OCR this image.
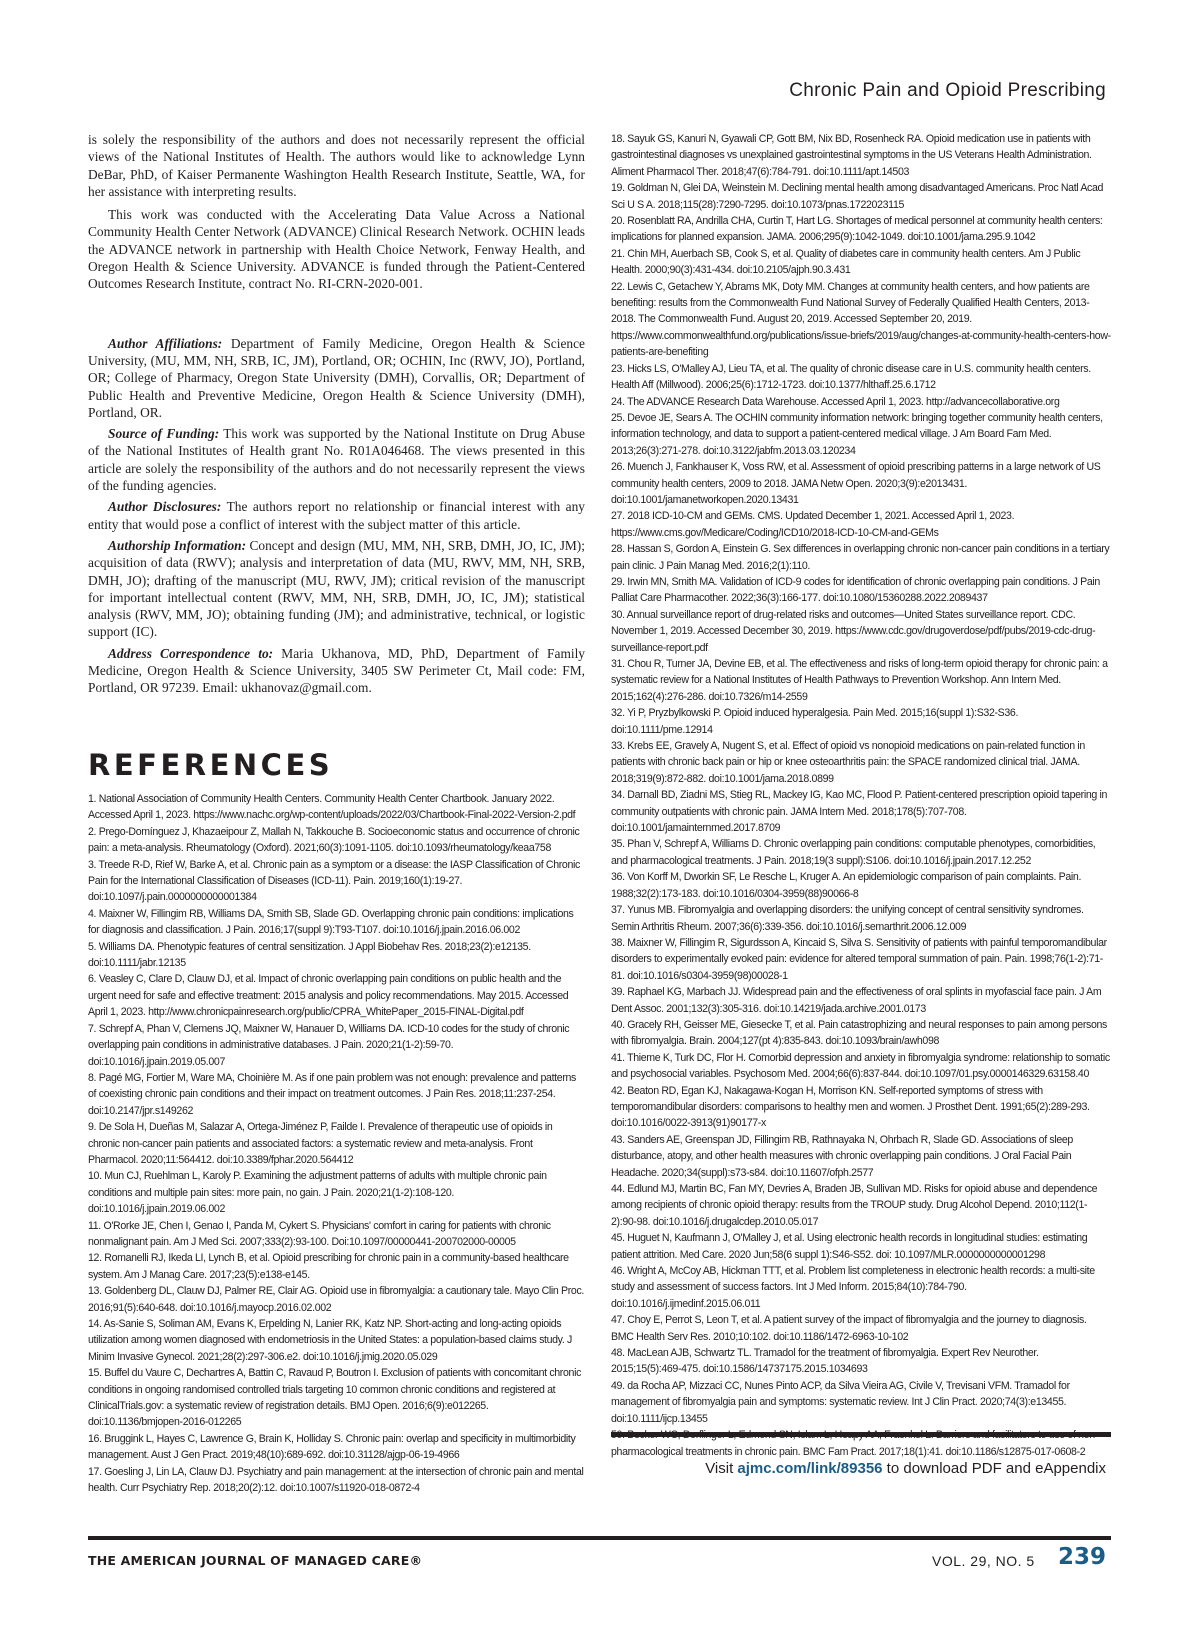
Chronic Pain and Opioid Prescribing

is solely the responsibility of the authors and does not necessarily represent the official views of the National Institutes of Health. The authors would like to acknowledge Lynn DeBar, PhD, of Kaiser Permanente Washington Health Research Institute, Seattle, WA, for her assistance with interpreting results.

This work was conducted with the Accelerating Data Value Across a National Community Health Center Network (ADVANCE) Clinical Research Network. OCHIN leads the ADVANCE network in partnership with Health Choice Network, Fenway Health, and Oregon Health & Science University. ADVANCE is funded through the Patient-Centered Outcomes Research Institute, contract No. RI-CRN-2020-001.

Author Affiliations: Department of Family Medicine, Oregon Health & Science University, (MU, MM, NH, SRB, IC, JM), Portland, OR; OCHIN, Inc (RWV, JO), Portland, OR; College of Pharmacy, Oregon State University (DMH), Corvallis, OR; Department of Public Health and Preventive Medicine, Oregon Health & Science University (DMH), Portland, OR.

Source of Funding: This work was supported by the National Institute on Drug Abuse of the National Institutes of Health grant No. R01A046468. The views presented in this article are solely the responsibility of the authors and do not necessarily represent the views of the funding agencies.

Author Disclosures: The authors report no relationship or financial interest with any entity that would pose a conflict of interest with the subject matter of this article.

Authorship Information: Concept and design (MU, MM, NH, SRB, DMH, JO, IC, JM); acquisition of data (RWV); analysis and interpretation of data (MU, RWV, MM, NH, SRB, DMH, JO); drafting of the manuscript (MU, RWV, JM); critical revision of the manuscript for important intellectual content (RWV, MM, NH, SRB, DMH, JO, IC, JM); statistical analysis (RWV, MM, JO); obtaining funding (JM); and administrative, technical, or logistic support (IC).

Address Correspondence to: Maria Ukhanova, MD, PhD, Department of Family Medicine, Oregon Health & Science University, 3405 SW Perimeter Ct, Mail code: FM, Portland, OR 97239. Email: ukhanovaz@gmail.com.

REFERENCES

1. National Association of Community Health Centers. Community Health Center Chartbook. January 2022. Accessed April 1, 2023. https://www.nachc.org/wp-content/uploads/2022/03/Chartbook-Final-2022-Version-2.pdf

2. Prego-Domínguez J, Khazaeipour Z, Mallah N, Takkouche B. Socioeconomic status and occurrence of chronic pain: a meta-analysis. Rheumatology (Oxford). 2021;60(3):1091-1105. doi:10.1093/rheumatology/keaa758

3. Treede R-D, Rief W, Barke A, et al. Chronic pain as a symptom or a disease: the IASP Classification of Chronic Pain for the International Classification of Diseases (ICD-11). Pain. 2019;160(1):19-27. doi:10.1097/j.pain.0000000000001384

4. Maixner W, Fillingim RB, Williams DA, Smith SB, Slade GD. Overlapping chronic pain conditions: implications for diagnosis and classification. J Pain. 2016;17(suppl 9):T93-T107. doi:10.1016/j.jpain.2016.06.002

5. Williams DA. Phenotypic features of central sensitization. J Appl Biobehav Res. 2018;23(2):e12135. doi:10.1111/jabr.12135

6. Veasley C, Clare D, Clauw DJ, et al. Impact of chronic overlapping pain conditions on public health and the urgent need for safe and effective treatment: 2015 analysis and policy recommendations. May 2015. Accessed April 1, 2023. http://www.chronicpainresearch.org/public/CPRA_WhitePaper_2015-FINAL-Digital.pdf

7. Schrepf A, Phan V, Clemens JQ, Maixner W, Hanauer D, Williams DA. ICD-10 codes for the study of chronic overlapping pain conditions in administrative databases. J Pain. 2020;21(1-2):59-70. doi:10.1016/j.jpain.2019.05.007

8. Pagé MG, Fortier M, Ware MA, Choinière M. As if one pain problem was not enough: prevalence and patterns of coexisting chronic pain conditions and their impact on treatment outcomes. J Pain Res. 2018;11:237-254. doi:10.2147/jpr.s149262

9. De Sola H, Dueñas M, Salazar A, Ortega-Jiménez P, Failde I. Prevalence of therapeutic use of opioids in chronic non-cancer pain patients and associated factors: a systematic review and meta-analysis. Front Pharmacol. 2020;11:564412. doi:10.3389/fphar.2020.564412

10. Mun CJ, Ruehlman L, Karoly P. Examining the adjustment patterns of adults with multiple chronic pain conditions and multiple pain sites: more pain, no gain. J Pain. 2020;21(1-2):108-120. doi:10.1016/j.jpain.2019.06.002

11. O'Rorke JE, Chen I, Genao I, Panda M, Cykert S. Physicians' comfort in caring for patients with chronic nonmalignant pain. Am J Med Sci. 2007;333(2):93-100. Doi:10.1097/00000441-200702000-00005

12. Romanelli RJ, Ikeda LI, Lynch B, et al. Opioid prescribing for chronic pain in a community-based healthcare system. Am J Manag Care. 2017;23(5):e138-e145.

13. Goldenberg DL, Clauw DJ, Palmer RE, Clair AG. Opioid use in fibromyalgia: a cautionary tale. Mayo Clin Proc. 2016;91(5):640-648. doi:10.1016/j.mayocp.2016.02.002

14. As-Sanie S, Soliman AM, Evans K, Erpelding N, Lanier RK, Katz NP. Short-acting and long-acting opioids utilization among women diagnosed with endometriosis in the United States: a population-based claims study. J Minim Invasive Gynecol. 2021;28(2):297-306.e2. doi:10.1016/j.jmig.2020.05.029

15. Buffel du Vaure C, Dechartres A, Battin C, Ravaud P, Boutron I. Exclusion of patients with concomitant chronic conditions in ongoing randomised controlled trials targeting 10 common chronic conditions and registered at ClinicalTrials.gov: a systematic review of registration details. BMJ Open. 2016;6(9):e012265. doi:10.1136/bmjopen-2016-012265

16. Bruggink L, Hayes C, Lawrence G, Brain K, Holliday S. Chronic pain: overlap and specificity in multimorbidity management. Aust J Gen Pract. 2019;48(10):689-692. doi:10.31128/ajgp-06-19-4966

17. Goesling J, Lin LA, Clauw DJ. Psychiatry and pain management: at the intersection of chronic pain and mental health. Curr Psychiatry Rep. 2018;20(2):12. doi:10.1007/s11920-018-0872-4

18. Sayuk GS, Kanuri N, Gyawali CP, Gott BM, Nix BD, Rosenheck RA. Opioid medication use in patients with gastrointestinal diagnoses vs unexplained gastrointestinal symptoms in the US Veterans Health Administration. Aliment Pharmacol Ther. 2018;47(6):784-791. doi:10.1111/apt.14503

19. Goldman N, Glei DA, Weinstein M. Declining mental health among disadvantaged Americans. Proc Natl Acad Sci U S A. 2018;115(28):7290-7295. doi:10.1073/pnas.1722023115

20. Rosenblatt RA, Andrilla CHA, Curtin T, Hart LG. Shortages of medical personnel at community health centers: implications for planned expansion. JAMA. 2006;295(9):1042-1049. doi:10.1001/jama.295.9.1042

21. Chin MH, Auerbach SB, Cook S, et al. Quality of diabetes care in community health centers. Am J Public Health. 2000;90(3):431-434. doi:10.2105/ajph.90.3.431

22. Lewis C, Getachew Y, Abrams MK, Doty MM. Changes at community health centers, and how patients are benefiting: results from the Commonwealth Fund National Survey of Federally Qualified Health Centers, 2013-2018. The Commonwealth Fund. August 20, 2019. Accessed September 20, 2019. https://www.commonwealthfund.org/publications/issue-briefs/2019/aug/changes-at-community-health-centers-how-patients-are-benefiting

23. Hicks LS, O'Malley AJ, Lieu TA, et al. The quality of chronic disease care in U.S. community health centers. Health Aff (Millwood). 2006;25(6):1712-1723. doi:10.1377/hlthaff.25.6.1712

24. The ADVANCE Research Data Warehouse. Accessed April 1, 2023. http://advancecollaborative.org

25. Devoe JE, Sears A. The OCHIN community information network: bringing together community health centers, information technology, and data to support a patient-centered medical village. J Am Board Fam Med. 2013;26(3):271-278. doi:10.3122/jabfm.2013.03.120234

26. Muench J, Fankhauser K, Voss RW, et al. Assessment of opioid prescribing patterns in a large network of US community health centers, 2009 to 2018. JAMA Netw Open. 2020;3(9):e2013431. doi:10.1001/jamanetworkopen.2020.13431

27. 2018 ICD-10-CM and GEMs. CMS. Updated December 1, 2021. Accessed April 1, 2023. https://www.cms.gov/Medicare/Coding/ICD10/2018-ICD-10-CM-and-GEMs

28. Hassan S, Gordon A, Einstein G. Sex differences in overlapping chronic non-cancer pain conditions in a tertiary pain clinic. J Pain Manag Med. 2016;2(1):110.

29. Irwin MN, Smith MA. Validation of ICD-9 codes for identification of chronic overlapping pain conditions. J Pain Palliat Care Pharmacother. 2022;36(3):166-177. doi:10.1080/15360288.2022.2089437

30. Annual surveillance report of drug-related risks and outcomes—United States surveillance report. CDC. November 1, 2019. Accessed December 30, 2019. https://www.cdc.gov/drugoverdose/pdf/pubs/2019-cdc-drug-surveillance-report.pdf

31. Chou R, Turner JA, Devine EB, et al. The effectiveness and risks of long-term opioid therapy for chronic pain: a systematic review for a National Institutes of Health Pathways to Prevention Workshop. Ann Intern Med. 2015;162(4):276-286. doi:10.7326/m14-2559

32. Yi P, Pryzbylkowski P. Opioid induced hyperalgesia. Pain Med. 2015;16(suppl 1):S32-S36. doi:10.1111/pme.12914

33. Krebs EE, Gravely A, Nugent S, et al. Effect of opioid vs nonopioid medications on pain-related function in patients with chronic back pain or hip or knee osteoarthritis pain: the SPACE randomized clinical trial. JAMA. 2018;319(9):872-882. doi:10.1001/jama.2018.0899

34. Darnall BD, Ziadni MS, Stieg RL, Mackey IG, Kao MC, Flood P. Patient-centered prescription opioid tapering in community outpatients with chronic pain. JAMA Intern Med. 2018;178(5):707-708. doi:10.1001/jamainternmed.2017.8709

35. Phan V, Schrepf A, Williams D. Chronic overlapping pain conditions: computable phenotypes, comorbidities, and pharmacological treatments. J Pain. 2018;19(3 suppl):S106. doi:10.1016/j.jpain.2017.12.252

36. Von Korff M, Dworkin SF, Le Resche L, Kruger A. An epidemiologic comparison of pain complaints. Pain. 1988;32(2):173-183. doi:10.1016/0304-3959(88)90066-8

37. Yunus MB. Fibromyalgia and overlapping disorders: the unifying concept of central sensitivity syndromes. Semin Arthritis Rheum. 2007;36(6):339-356. doi:10.1016/j.semarthrit.2006.12.009

38. Maixner W, Fillingim R, Sigurdsson A, Kincaid S, Silva S. Sensitivity of patients with painful temporomandibular disorders to experimentally evoked pain: evidence for altered temporal summation of pain. Pain. 1998;76(1-2):71-81. doi:10.1016/s0304-3959(98)00028-1

39. Raphael KG, Marbach JJ. Widespread pain and the effectiveness of oral splints in myofascial face pain. J Am Dent Assoc. 2001;132(3):305-316. doi:10.14219/jada.archive.2001.0173

40. Gracely RH, Geisser ME, Giesecke T, et al. Pain catastrophizing and neural responses to pain among persons with fibromyalgia. Brain. 2004;127(pt 4):835-843. doi:10.1093/brain/awh098

41. Thieme K, Turk DC, Flor H. Comorbid depression and anxiety in fibromyalgia syndrome: relationship to somatic and psychosocial variables. Psychosom Med. 2004;66(6):837-844. doi:10.1097/01.psy.0000146329.63158.40

42. Beaton RD, Egan KJ, Nakagawa-Kogan H, Morrison KN. Self-reported symptoms of stress with temporomandibular disorders: comparisons to healthy men and women. J Prosthet Dent. 1991;65(2):289-293. doi:10.1016/0022-3913(91)90177-x

43. Sanders AE, Greenspan JD, Fillingim RB, Rathnayaka N, Ohrbach R, Slade GD. Associations of sleep disturbance, atopy, and other health measures with chronic overlapping pain conditions. J Oral Facial Pain Headache. 2020;34(suppl):s73-s84. doi:10.11607/ofph.2577

44. Edlund MJ, Martin BC, Fan MY, Devries A, Braden JB, Sullivan MD. Risks for opioid abuse and dependence among recipients of chronic opioid therapy: results from the TROUP study. Drug Alcohol Depend. 2010;112(1-2):90-98. doi:10.1016/j.drugalcdep.2010.05.017

45. Huguet N, Kaufmann J, O'Malley J, et al. Using electronic health records in longitudinal studies: estimating patient attrition. Med Care. 2020 Jun;58(6 suppl 1):S46-S52. doi: 10.1097/MLR.0000000000001298

46. Wright A, McCoy AB, Hickman TTT, et al. Problem list completeness in electronic health records: a multi-site study and assessment of success factors. Int J Med Inform. 2015;84(10):784-790. doi:10.1016/j.ijmedinf.2015.06.011

47. Choy E, Perrot S, Leon T, et al. A patient survey of the impact of fibromyalgia and the journey to diagnosis. BMC Health Serv Res. 2010;10:102. doi:10.1186/1472-6963-10-102

48. MacLean AJB, Schwartz TL. Tramadol for the treatment of fibromyalgia. Expert Rev Neurother. 2015;15(5):469-475. doi:10.1586/14737175.2015.1034693

49. da Rocha AP, Mizzaci CC, Nunes Pinto ACP, da Silva Vieira AG, Civile V, Trevisani VFM. Tramadol for management of fibromyalgia pain and symptoms: systematic review. Int J Clin Pract. 2020;74(3):e13455. doi:10.1111/ijcp.13455

pharmacological treatments in chronic pain. BMC Fam Pract. 2017;18(1):41. doi:10.1186/s12875-017-0608-2

Visit ajmc.com/link/89356 to download PDF and eAppendix
THE AMERICAN JOURNAL OF MANAGED CARE®	VOL. 29, NO. 5 239
